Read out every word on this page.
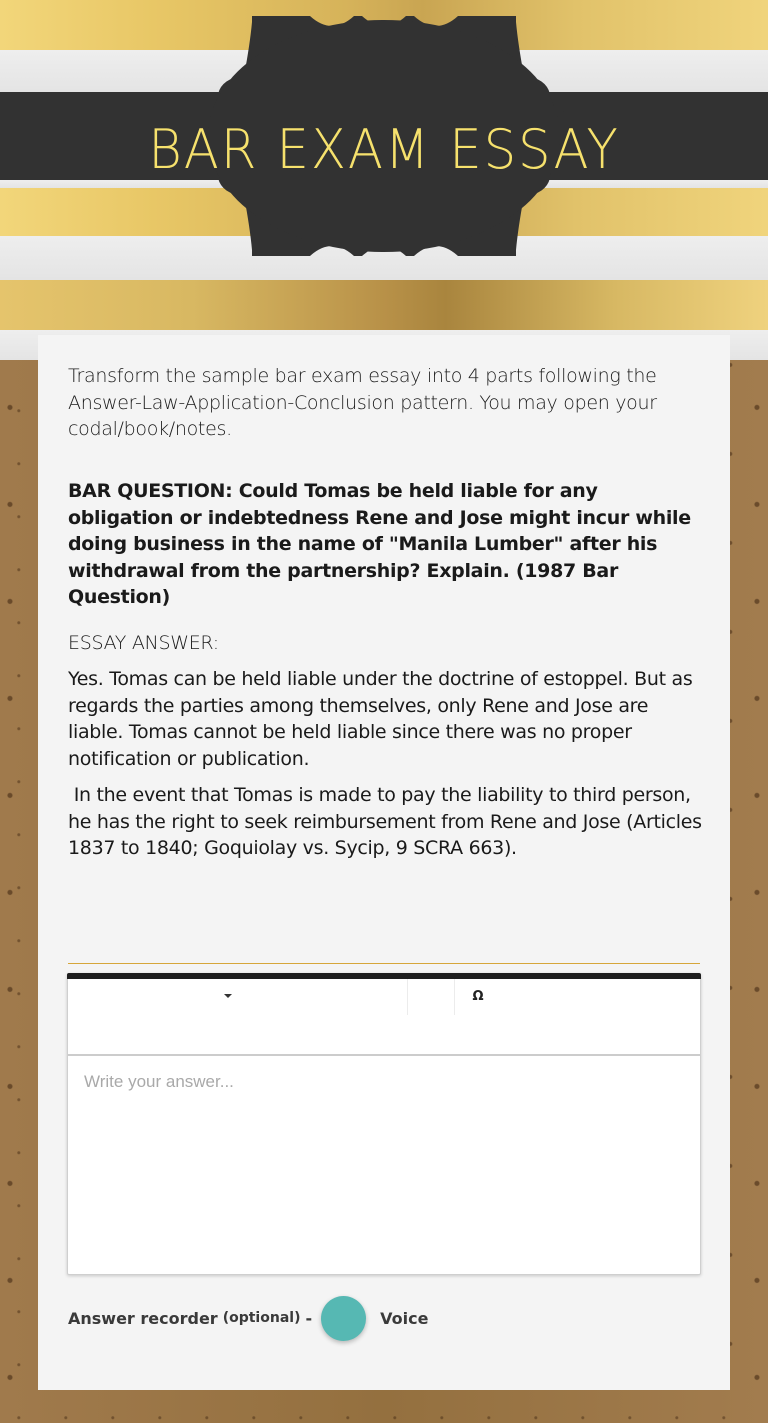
BAR EXAM ESSAY
Transform the sample bar exam essay into 4 parts following the Answer-Law-Application-Conclusion pattern. You may open your codal/book/notes.
BAR QUESTION: Could Tomas be held liable for any obligation or indebtedness Rene and Jose might incur while doing business in the name of "Manila Lumber" after his withdrawal from the partnership? Explain. (1987 Bar Question)
ESSAY ANSWER:
Yes. Tomas can be held liable under the doctrine of estoppel. But as regards the parties among themselves, only Rene and Jose are liable. Tomas cannot be held liable since there was no proper notification or publication.
In the event that Tomas is made to pay the liability to third person, he has the right to seek reimbursement from Rene and Jose (Articles 1837 to 1840; Goquiolay vs. Sycip, 9 SCRA 663).
Ω
Write your answer...
Answer recorder (optional) -	Voice
